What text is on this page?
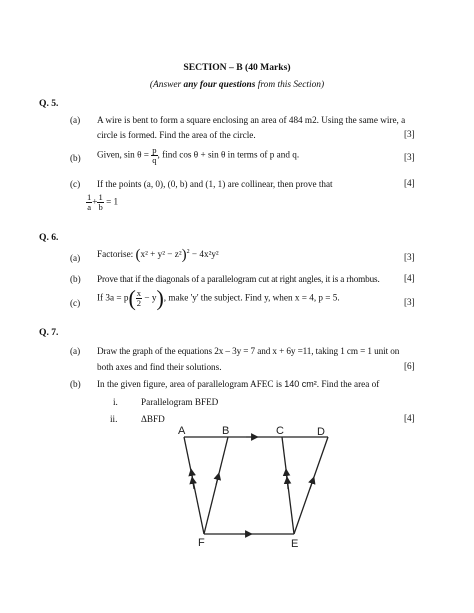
SECTION – B (40 Marks)
(Answer any four questions from this Section)
Q. 5.
(a) A wire is bent to form a square enclosing an area of 484 m2. Using the same wire, a
circle is formed. Find the area of the circle.	[3]
(b) Given, $\sin \theta = \frac{p}{q}$ , find cos θ + sin θ in terms of p and q.	[3]
(c) If the points (a, 0), (0, b) and (1, 1) are collinear, then prove that	[4]
$\frac{1}{a} + \frac{1}{b} = 1$
Q. 6.
(a) Factorise: $(x^2 + y^2 - z^2)^2 - 4x^2y^2$	[3]
(b) Prove that if the diagonals of a parallelogram cut at right angles, it is a rhombus.	[4]
(c)
If $3a = p( \frac{x}{2} - y)$, make 'y' the subject. Find y, when x = 4, p = 5.	[3]
Q. 7.
(a) Draw the graph of the equations 2x – 3y = 7 and x + 6y =11, taking 1 cm = 1 unit on
both axes and find their solutions.	[6]
(b) In the given figure, area of parallelogram AFEC is 140 cm². Find the area of
i.	Parallelogram BFED
ii.	ΔBFD	[4]
A	B	C	D
F	E
